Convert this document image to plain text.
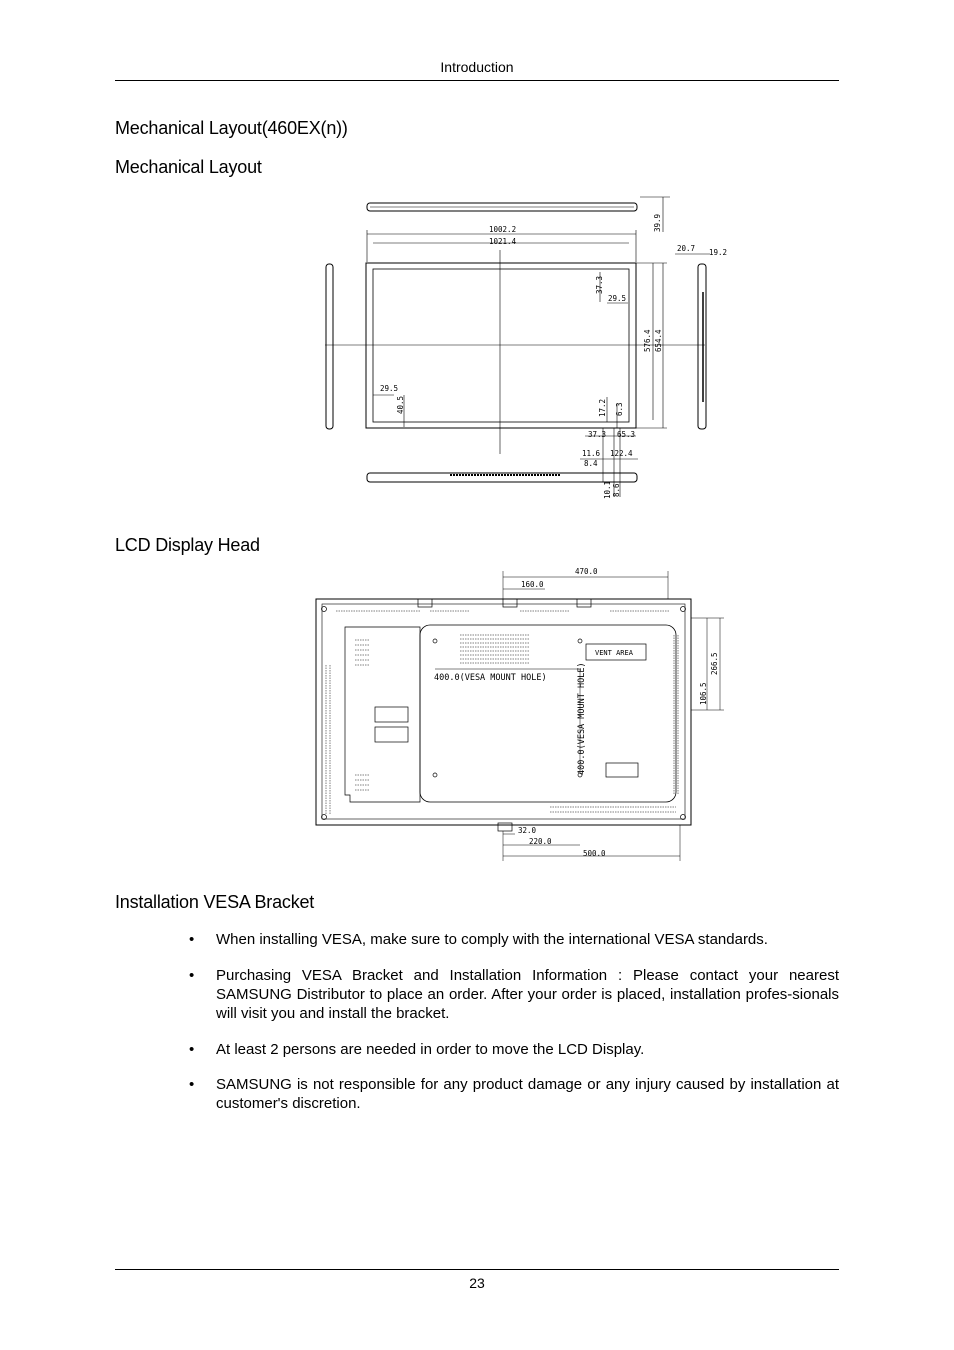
Introduction
Mechanical Layout(460EX(n))
Mechanical Layout
1002.2
1021.4
39.9
20.7 19.2
37.3
29.5
576.4 654.4
29.5
40.5	17.2 6.3
37.3 65.3
11.6 122.4
8.4
10.1 8.6
LCD Display Head
470.0
160.0
266.5
106.5
32.0
220.0
500.0
400.0(VESA MOUNT HOLE)	400.0(VESA MOUNT HOLE)
VENT AREA
Installation VESA Bracket
•	When installing VESA, make sure to comply with the international VESA standards.
•	Purchasing VESA Bracket and Installation Information : Please contact your nearest SAMSUNG Distributor to place an order. After your order is placed, installation profes-sionals will visit you and install the bracket.
•	At least 2 persons are needed in order to move the LCD Display.
•	SAMSUNG is not responsible for any product damage or any injury caused by installation at customer's discretion.
23
